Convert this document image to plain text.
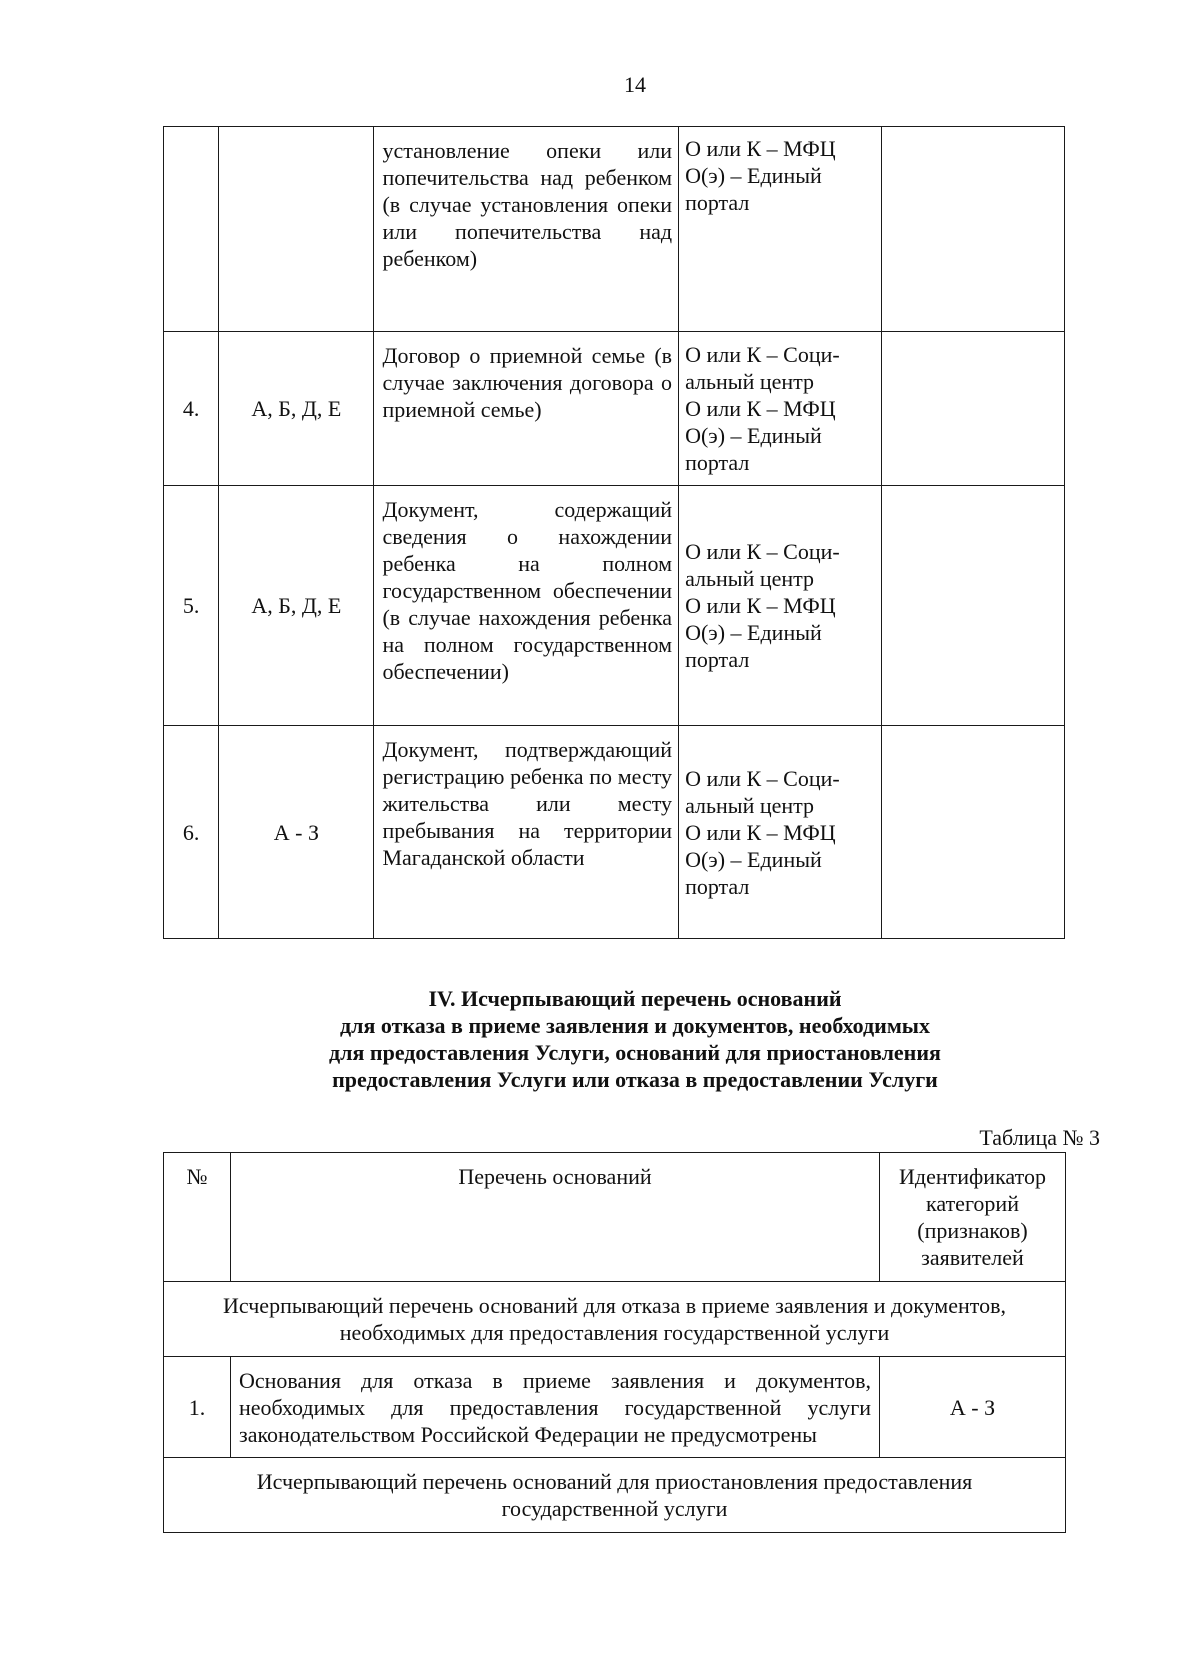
14
		установление опеки или попечительства над ребенком (в случае установления опеки или попечительства над ребенком)	О или К – МФЦ
О(э) – Единый
портал	

4.	А, Б, Д, Е	Договор о приемной семье (в случае заключения договора о приемной семье)	О или К – Соци-
альный центр
О или К – МФЦ
О(э) – Единый
портал	

5.	А, Б, Д, Е	Документ, содержащий сведения о нахождении ребенка на полном государственном обеспечении (в случае нахождения ребенка на полном государственном обеспечении)	О или К – Соци-
альный центр
О или К – МФЦ
О(э) – Единый
портал	

6.	А - З	Документ, подтверждающий регистрацию ребенка по месту жительства или месту пребывания на территории Магаданской области	О или К – Соци-
альный центр
О или К – МФЦ
О(э) – Единый
портал	

IV. Исчерпывающий перечень оснований
для отказа в приеме заявления и документов, необходимых
для предоставления Услуги, оснований для приостановления
предоставления Услуги или отказа в предоставлении Услуги
Таблица № 3
№	Перечень оснований	Идентификатор
категорий
(признаков)
заявителей

Исчерпывающий перечень оснований для отказа в приеме заявления и документов, необходимых для предоставления государственной услуги		
1.	Основания для отказа в приеме заявления и документов, необходимых для предоставления государственной услуги законодательством Российской Федерации не предусмотрены	А - З
Исчерпывающий перечень оснований для приостановления предоставления государственной услуги		
